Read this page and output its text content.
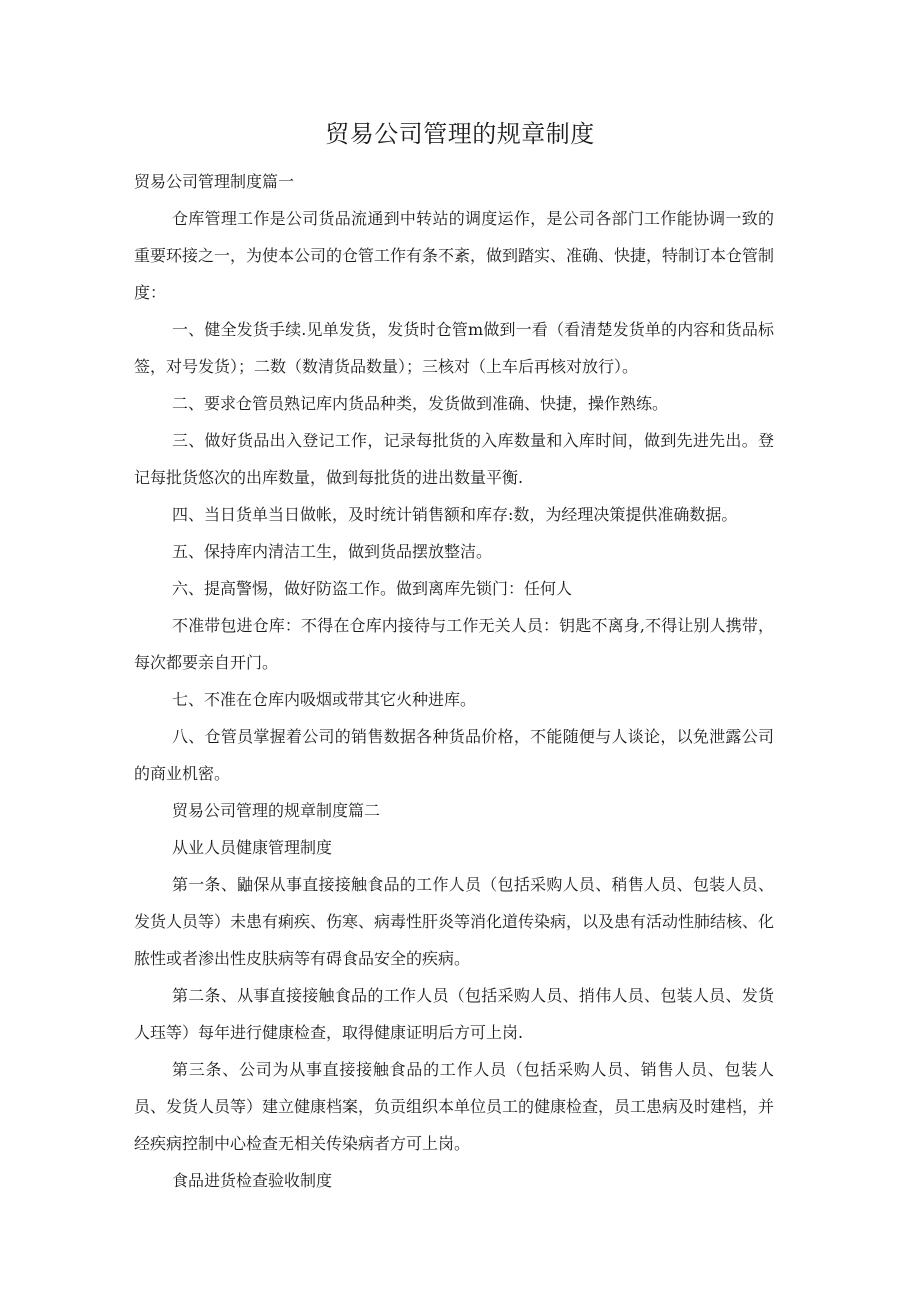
贸易公司管理的规章制度

贸易公司管理制度篇一

仓库管理工作是公司货品流通到中转站的调度运作，是公司各部门工作能协调一致的重要环接之一，为使本公司的仓管工作有条不紊，做到踏实、准确、快捷，特制订本仓管制度：

一、健全发货手续.见单发货，发货时仓管m做到一看（看清楚发货单的内容和货品标签，对号发货）；二数（数清货品数量）；三核对（上车后再核对放行）。

二、要求仓管员熟记库内货品种类，发货做到准确、快捷，操作熟练。

三、做好货品出入登记工作，记录每批货的入库数量和入库时间，做到先进先出。登记每批货悠次的出库数量，做到每批货的进出数量平衡.

四、当日货单当日做帐，及时统计销售额和库存:数，为经理决策提供准确数据。

五、保持库内清洁工生，做到货品摆放整洁。

六、提高警惕，做好防盗工作。做到离库先锁门：任何人

不准带包进仓库：不得在仓库内接待与工作无关人员：钥匙不离身,不得让别人携带，每次都要亲自开门。

七、不准在仓库内吸烟或带其它火种进库。

八、仓管员掌握着公司的销售数据各种货品价格，不能随便与人谈论，以免泄露公司的商业机密。

贸易公司管理的规章制度篇二

从业人员健康管理制度

第一条、鼬保从事直接接触食品的工作人员（包括采购人员、稍售人员、包装人员、发货人员等）未患有痢疾、伤寒、病毒性肝炎等消化道传染病，以及患有活动性肺结核、化脓性或者渗出性皮肤病等有碍食品安全的疾病。

第二条、从事直接接触食品的工作人员（包括采购人员、捎伟人员、包装人员、发货人珏等）每年进行健康检查，取得健康证明后方可上岗.

第三条、公司为从事直接接触食品的工作人员（包括采购人员、销售人员、包装人员、发货人员等）建立健康档案，负贡组织本单位员工的健康检查，员工患病及时建档，并经疾病控制中心检查无相关传染病者方可上岗。

食品进货检查验收制度
